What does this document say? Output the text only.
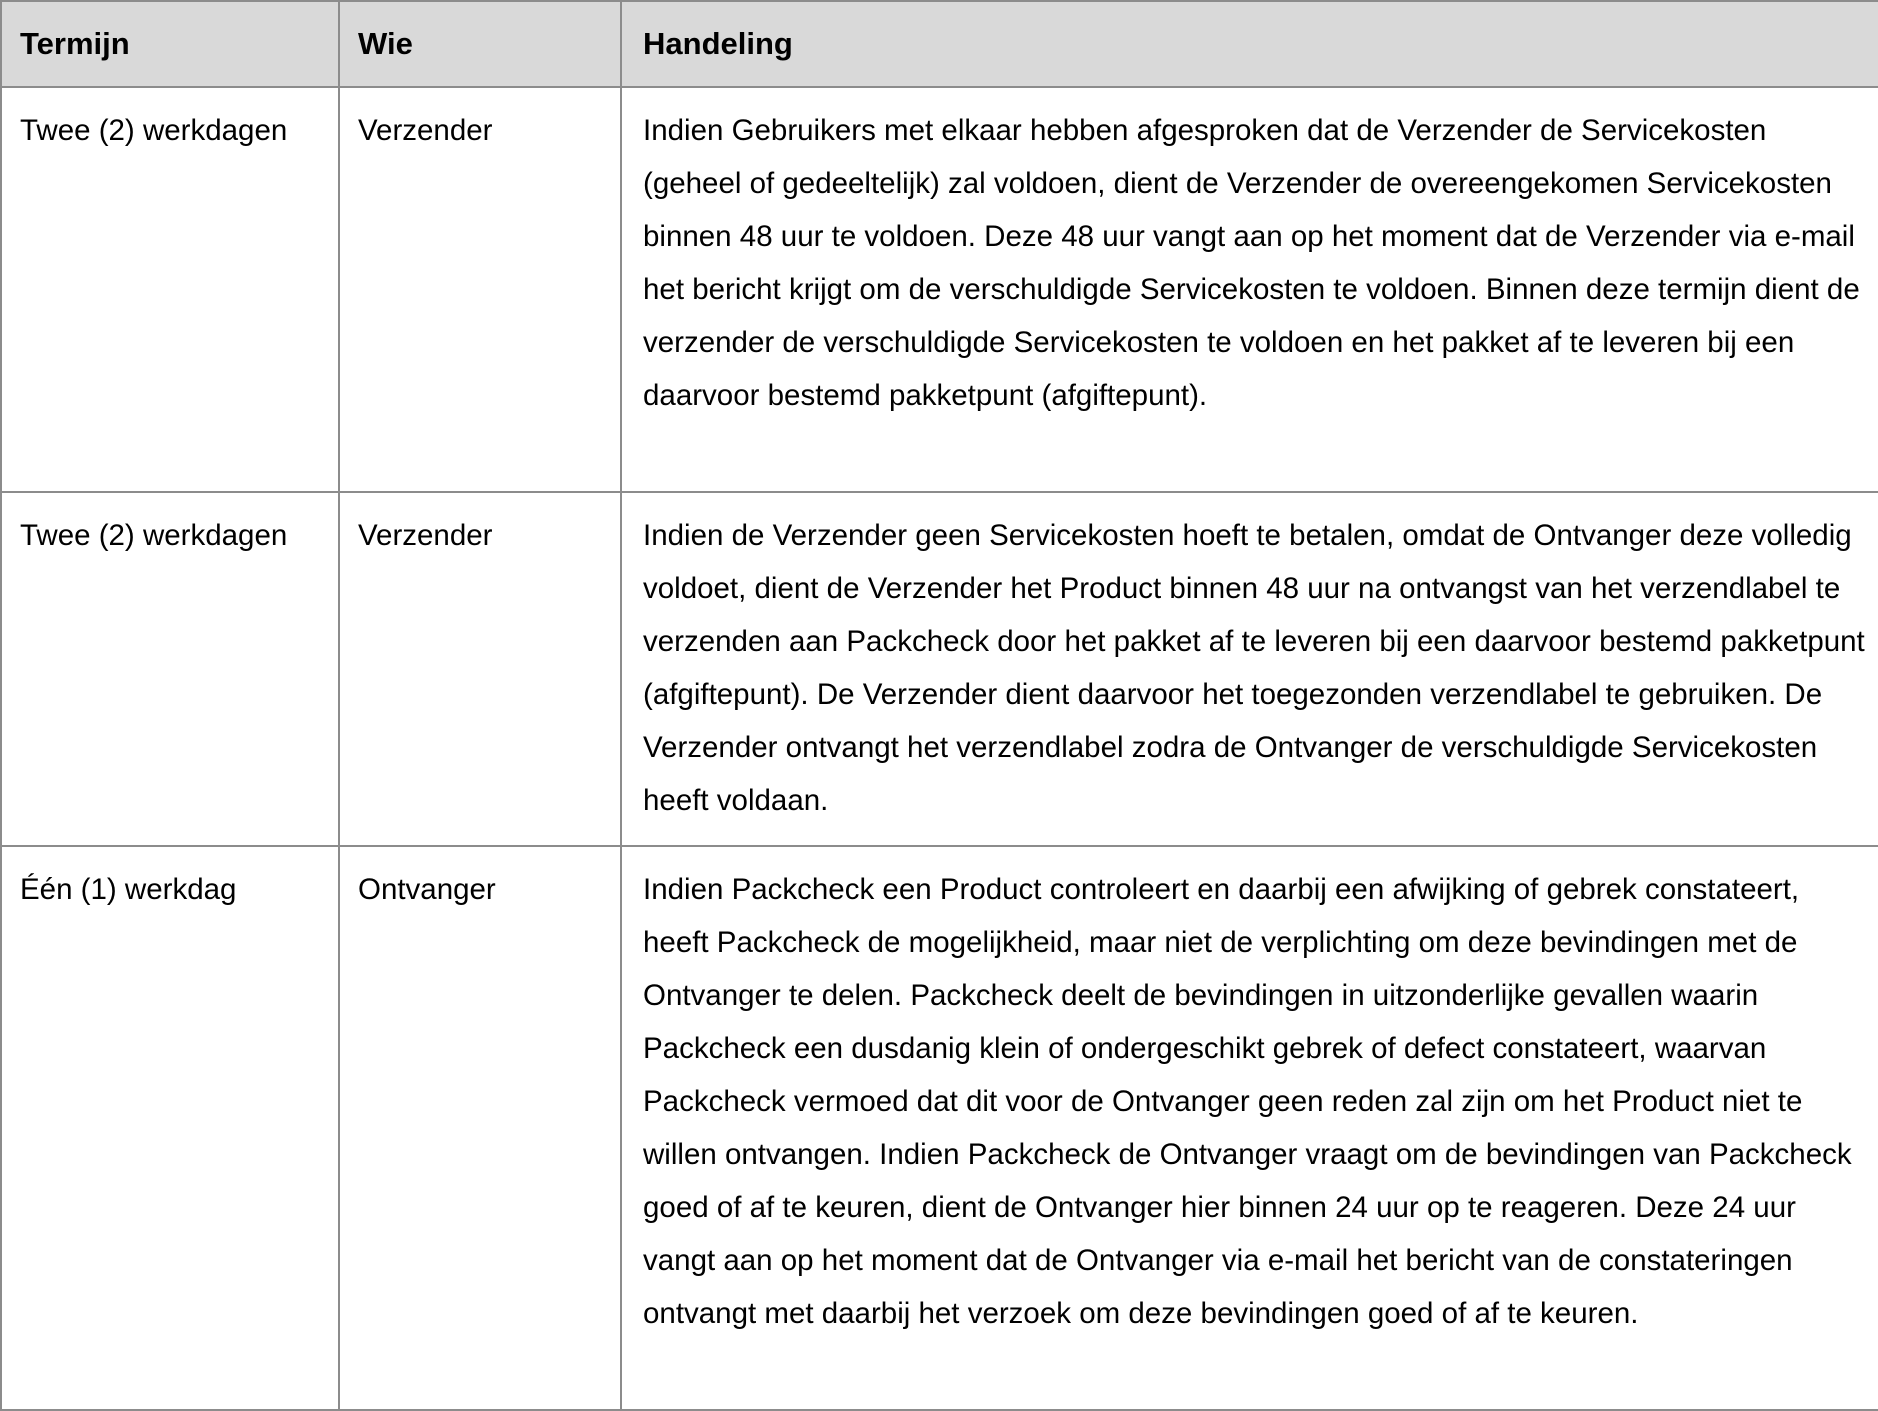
Termijn	Wie	Handeling
Twee (2) werkdagen	Verzender	Indien Gebruikers met elkaar hebben afgesproken dat de Verzender de Servicekosten (geheel of gedeeltelijk) zal voldoen, dient de Verzender de overeengekomen Servicekosten binnen 48 uur te voldoen. Deze 48 uur vangt aan op het moment dat de Verzender via e-mail het bericht krijgt om de verschuldigde Servicekosten te voldoen. Binnen deze termijn dient de verzender de verschuldigde Servicekosten te voldoen en het pakket af te leveren bij een daarvoor bestemd pakketpunt (afgiftepunt).
Twee (2) werkdagen	Verzender	Indien de Verzender geen Servicekosten hoeft te betalen, omdat de Ontvanger deze volledig voldoet, dient de Verzender het Product binnen 48 uur na ontvangst van het verzendlabel te verzenden aan Packcheck door het pakket af te leveren bij een daarvoor bestemd pakketpunt (afgiftepunt). De Verzender dient daarvoor het toegezonden verzendlabel te gebruiken. De Verzender ontvangt het verzendlabel zodra de Ontvanger de verschuldigde Servicekosten heeft voldaan.
Één (1) werkdag	Ontvanger	Indien Packcheck een Product controleert en daarbij een afwijking of gebrek constateert, heeft Packcheck de mogelijkheid, maar niet de verplichting om deze bevindingen met de Ontvanger te delen. Packcheck deelt de bevindingen in uitzonderlijke gevallen waarin Packcheck een dusdanig klein of ondergeschikt gebrek of defect constateert, waarvan Packcheck vermoed dat dit voor de Ontvanger geen reden zal zijn om het Product niet te willen ontvangen. Indien Packcheck de Ontvanger vraagt om de bevindingen van Packcheck goed of af te keuren, dient de Ontvanger hier binnen 24 uur op te reageren. Deze 24 uur vangt aan op het moment dat de Ontvanger via e-mail het bericht van de constateringen ontvangt met daarbij het verzoek om deze bevindingen goed of af te keuren.
